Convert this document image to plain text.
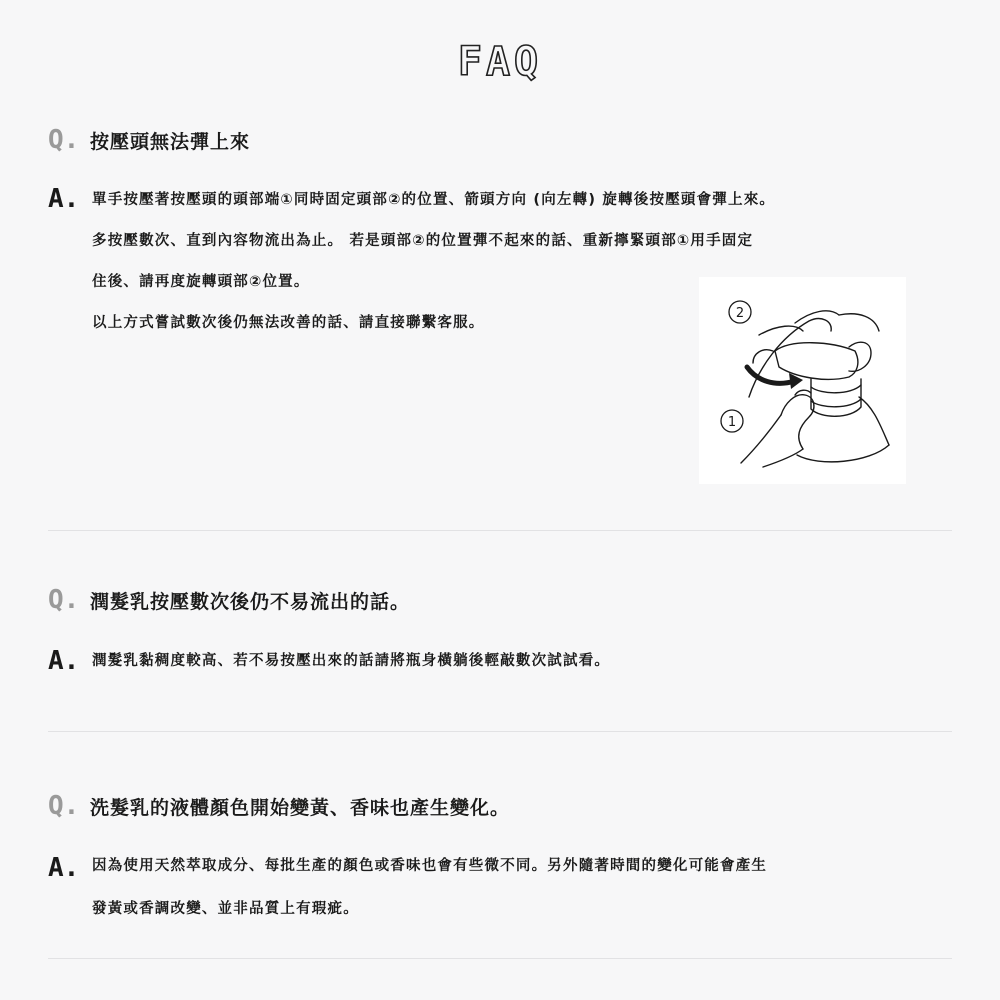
FAQ
Q. 按壓頭無法彈上來
A. 單手按壓著按壓頭的頭部端①同時固定頭部②的位置、箭頭方向 (向左轉) 旋轉後按壓頭會彈上來。
多按壓數次、直到內容物流出為止。 若是頭部②的位置彈不起來的話、重新擰緊頭部①用手固定
住後、請再度旋轉頭部②位置。
以上方式嘗試數次後仍無法改善的話、請直接聯繫客服。
2
1
Q. 潤髮乳按壓數次後仍不易流出的話。
A. 潤髮乳黏稠度較高、若不易按壓出來的話請將瓶身橫躺後輕敲數次試試看。
Q. 洗髮乳的液體顏色開始變黃、香味也產生變化。
A. 因為使用天然萃取成分、每批生產的顏色或香味也會有些微不同。另外隨著時間的變化可能會產生
發黃或香調改變、並非品質上有瑕疵。
